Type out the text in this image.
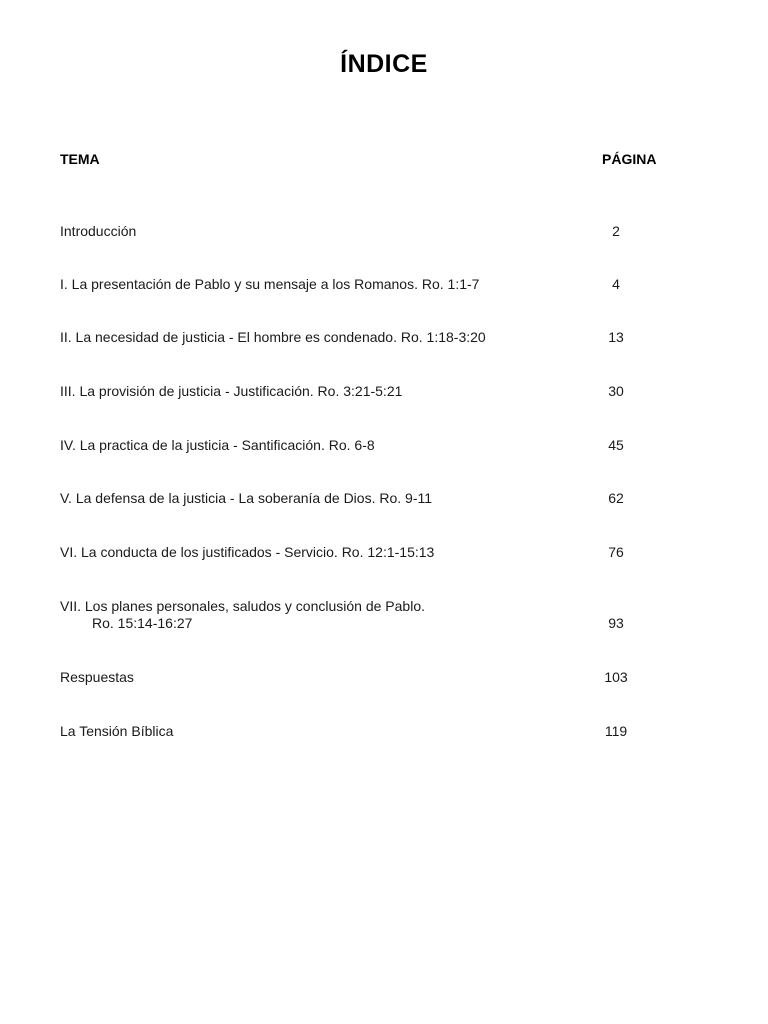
ÍNDICE
TEMA	PÁGINA
Introducción	2
I. La presentación de Pablo y su mensaje a los Romanos. Ro. 1:1-7	4
II. La necesidad de justicia - El hombre es condenado. Ro. 1:18-3:20	13
III. La provisión de justicia - Justificación. Ro. 3:21-5:21	30
IV. La practica de la justicia - Santificación. Ro. 6-8	45
V. La defensa de la justicia - La soberanía de Dios. Ro. 9-11	62
VI. La conducta de los justificados - Servicio. Ro. 12:1-15:13	76
VII. Los planes personales, saludos y conclusión de Pablo.
Ro. 15:14-16:27	93
Respuestas	103
La Tensión Bíblica	119
